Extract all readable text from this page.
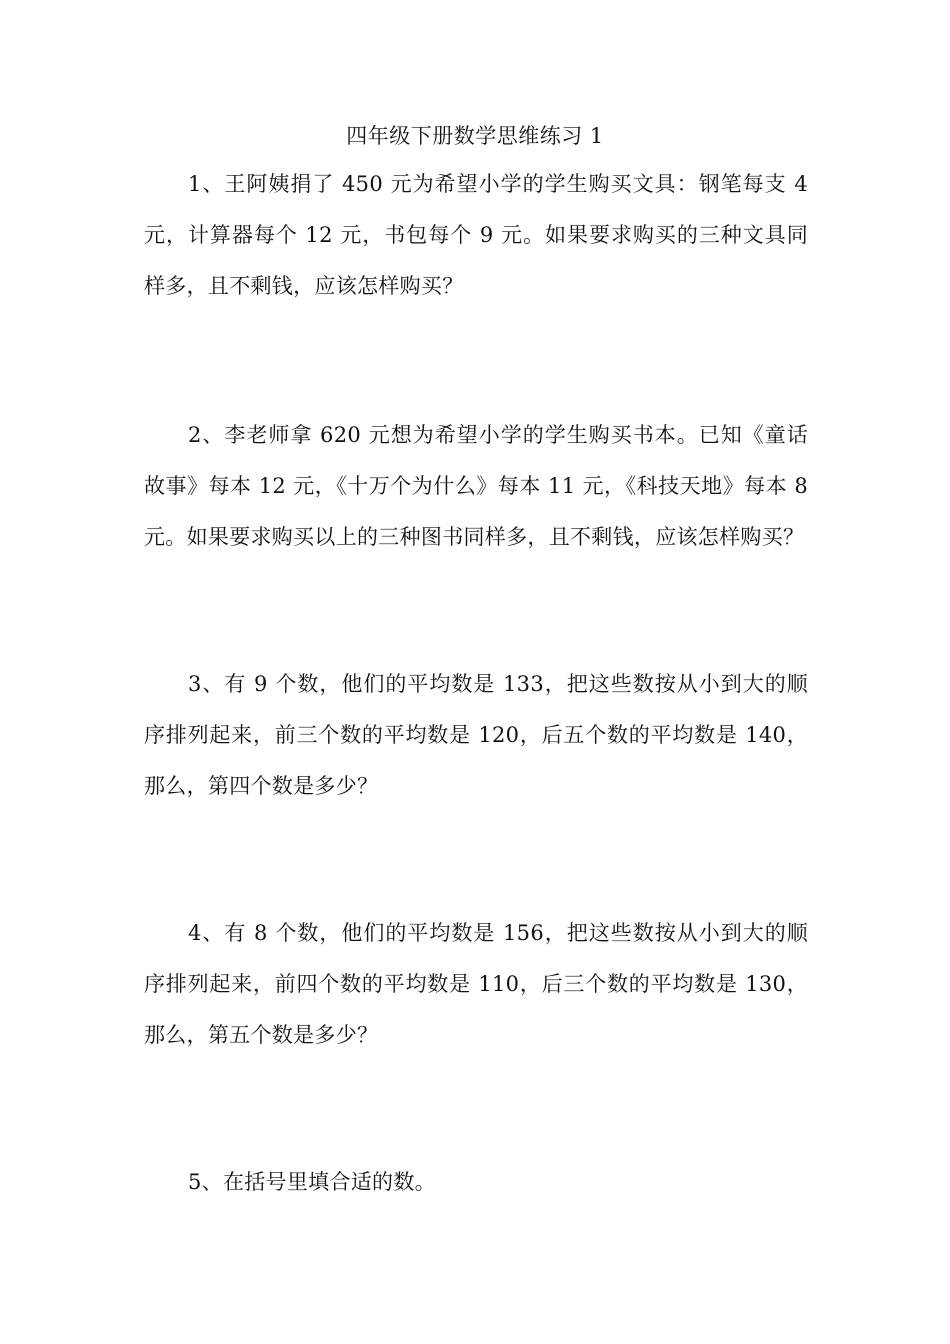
四年级下册数学思维练习 1

1、王阿姨捐了 450 元为希望小学的学生购买文具：钢笔每支 4 元，计算器每个 12 元，书包每个 9 元。如果要求购买的三种文具同样多，且不剩钱，应该怎样购买？

2、李老师拿 620 元想为希望小学的学生购买书本。已知《童话故事》每本 12 元，《十万个为什么》每本 11 元，《科技天地》每本 8 元。如果要求购买以上的三种图书同样多，且不剩钱，应该怎样购买？

3、有 9 个数，他们的平均数是 133，把这些数按从小到大的顺序排列起来，前三个数的平均数是 120，后五个数的平均数是 140，那么，第四个数是多少？

4、有 8 个数，他们的平均数是 156，把这些数按从小到大的顺序排列起来，前四个数的平均数是 110，后三个数的平均数是 130，那么，第五个数是多少？

5、在括号里填合适的数。
